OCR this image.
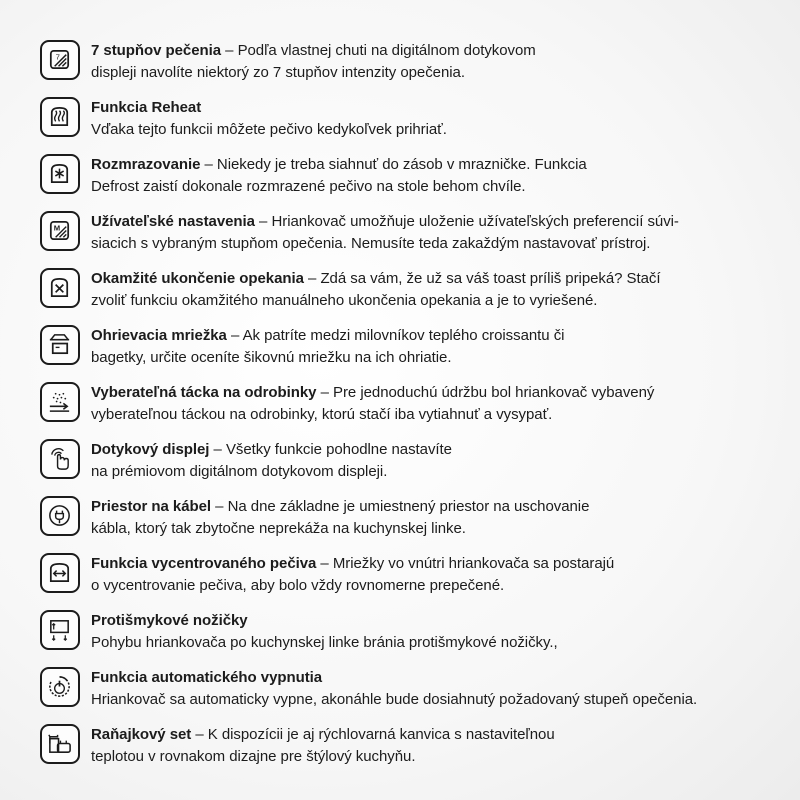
7 7 stupňov pečenia – Podľa vlastnej chuti na digitálnom dotykovom
displeji navolíte niektorý zo 7 stupňov intenzity opečenia.
Funkcia Reheat
Vďaka tejto funkcii môžete pečivo kedykoľvek prihriať.
Rozmrazovanie – Niekedy je treba siahnuť do zásob v mrazničke. Funkcia
Defrost zaistí dokonale rozmrazené pečivo na stole behom chvíle.
M Užívateľské nastavenia – Hriankovač umožňuje uloženie užívateľských preferencií súvi-
siacich s vybraným stupňom opečenia. Nemusíte teda zakaždým nastavovať prístroj.
Okamžité ukončenie opekania – Zdá sa vám, že už sa váš toast príliš pripeká? Stačí
zvoliť funkciu okamžitého manuálneho ukončenia opekania a je to vyriešené.
Ohrievacia mriežka – Ak patríte medzi milovníkov teplého croissantu či
bagetky, určite oceníte šikovnú mriežku na ich ohriatie.
Vyberateľná tácka na odrobinky – Pre jednoduchú údržbu bol hriankovač vybavený
vyberateľnou táckou na odrobinky, ktorú stačí iba vytiahnuť a vysypať.
Dotykový displej – Všetky funkcie pohodlne nastavíte
na prémiovom digitálnom dotykovom displeji.
Priestor na kábel – Na dne základne je umiestnený priestor na uschovanie
kábla, ktorý tak zbytočne neprekáža na kuchynskej linke.
Funkcia vycentrovaného pečiva – Mriežky vo vnútri hriankovača sa postarajú
o vycentrovanie pečiva, aby bolo vždy rovnomerne prepečené.
Protišmykové nožičky
Pohybu hriankovača po kuchynskej linke bránia protišmykové nožičky.,
Funkcia automatického vypnutia
Hriankovač sa automaticky vypne, akonáhle bude dosiahnutý požadovaný stupeň opečenia.
Raňajkový set – K dispozícii je aj rýchlovarná kanvica s nastaviteľnou
teplotou v rovnakom dizajne pre štýlový kuchyňu.
